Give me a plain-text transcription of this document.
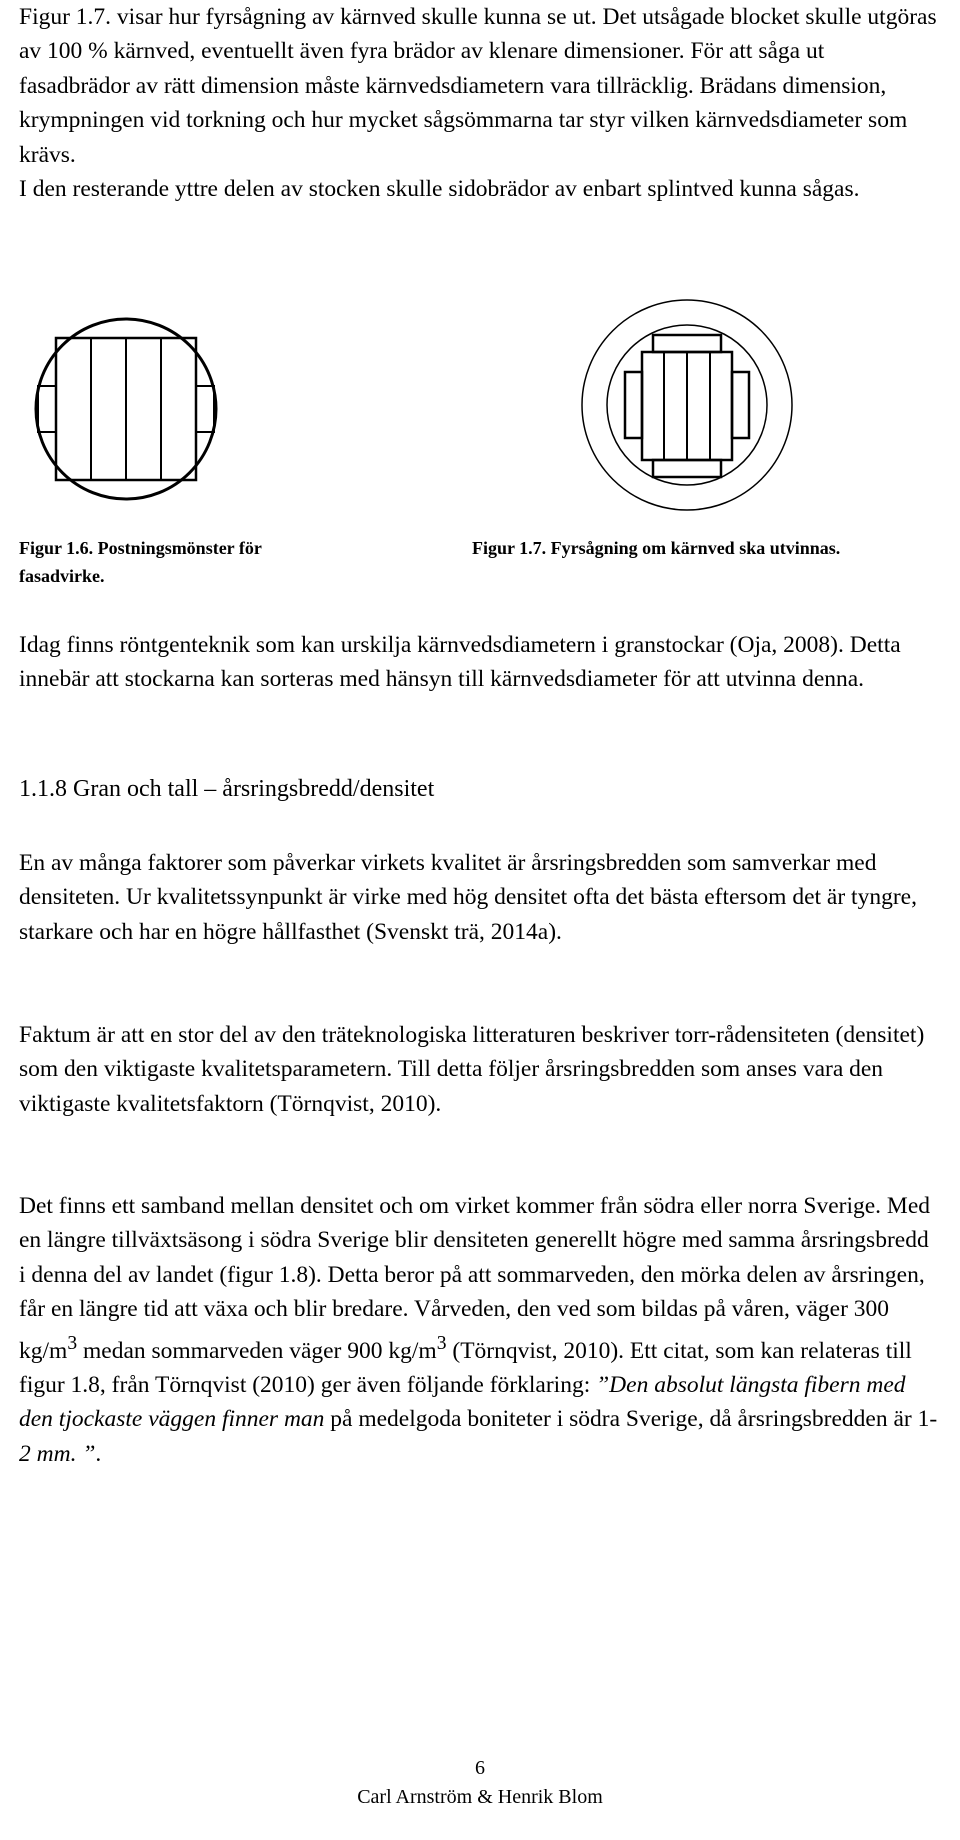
Figur 1.7. visar hur fyrsågning av kärnved skulle kunna se ut. Det utsågade blocket skulle utgöras av 100 % kärnved, eventuellt även fyra brädor av klenare dimensioner. För att såga ut fasadbrädor av rätt dimension måste kärnvedsdiametern vara tillräcklig. Brädans dimension, krympningen vid torkning och hur mycket sågsömmarna tar styr vilken kärnvedsdiameter som krävs.

I den resterande yttre delen av stocken skulle sidobrädor av enbart splintved kunna sågas.

Figur 1.6. Postningsmönster för fasadvirke.
Figur 1.7. Fyrsågning om kärnved ska utvinnas.

Idag finns röntgenteknik som kan urskilja kärnvedsdiametern i granstockar (Oja, 2008). Detta innebär att stockarna kan sorteras med hänsyn till kärnvedsdiameter för att utvinna denna.

1.1.8 Gran och tall – årsringsbredd/densitet

En av många faktorer som påverkar virkets kvalitet är årsringsbredden som samverkar med densiteten. Ur kvalitetssynpunkt är virke med hög densitet ofta det bästa eftersom det är tyngre, starkare och har en högre hållfasthet (Svenskt trä, 2014a).

Faktum är att en stor del av den träteknologiska litteraturen beskriver torr-rådensiteten (densitet) som den viktigaste kvalitetsparametern. Till detta följer årsringsbredden som anses vara den viktigaste kvalitetsfaktorn (Törnqvist, 2010).

Det finns ett samband mellan densitet och om virket kommer från södra eller norra Sverige. Med en längre tillväxtsäsong i södra Sverige blir densiteten generellt högre med samma årsringsbredd i denna del av landet (figur 1.8). Detta beror på att sommarveden, den mörka delen av årsringen, får en längre tid att växa och blir bredare. Vårveden, den ved som bildas på våren, väger 300 $kg/m^3$ medan sommarveden väger 900 $kg/m^3$ (Törnqvist, 2010). Ett citat, som kan relateras till figur 1.8, från Törnqvist (2010) ger även följande förklaring: ”Den absolut längsta fibern med den tjockaste väggen finner man på medelgoda boniteter i södra Sverige, då årsringsbredden är 1-2 mm. ”.

6
Carl Arnström & Henrik Blom
